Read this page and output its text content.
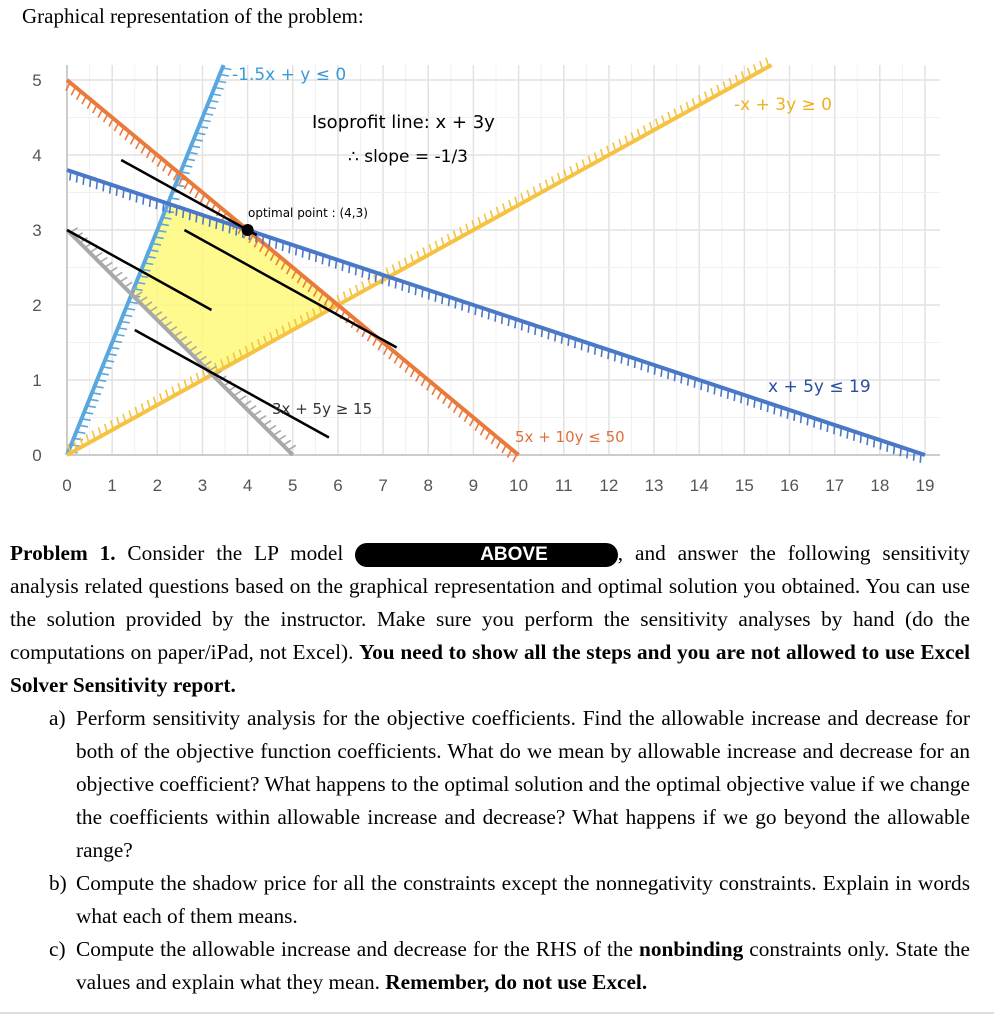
Graphical representation of the problem:
0 1 2 3 4 5 6 7 8 9 10 11 12 13 14 15 16 17 18 19
0
1
2
3
4
5
optimal point : (4,3)
Isoprofit line: x + 3y
∴ slope = -1/3
-1.5x + y ≤ 0
-x + 3y ≥ 0
5x + 10y ≤ 50
x + 5y ≤ 19
3x + 5y ≥ 15
Problem 1. Consider the LP model	ABOVE	, and answer the following sensitivity analysis related questions based on the graphical representation and optimal solution you obtained. You can use the solution provided by the instructor. Make sure you perform the sensitivity analyses by hand (do the computations on paper/iPad, not Excel). You need to show all the steps and you are not allowed to use Excel Solver Sensitivity report.
a) Perform sensitivity analysis for the objective coefficients. Find the allowable increase and decrease for both of the objective function coefficients. What do we mean by allowable increase and decrease for an objective coefficient? What happens to the optimal solution and the optimal objective value if we change the coefficients within allowable increase and decrease? What happens if we go beyond the allowable range?
b) Compute the shadow price for all the constraints except the nonnegativity constraints. Explain in words what each of them means.
c) Compute the allowable increase and decrease for the RHS of the nonbinding constraints only. State the values and explain what they mean. Remember, do not use Excel.
